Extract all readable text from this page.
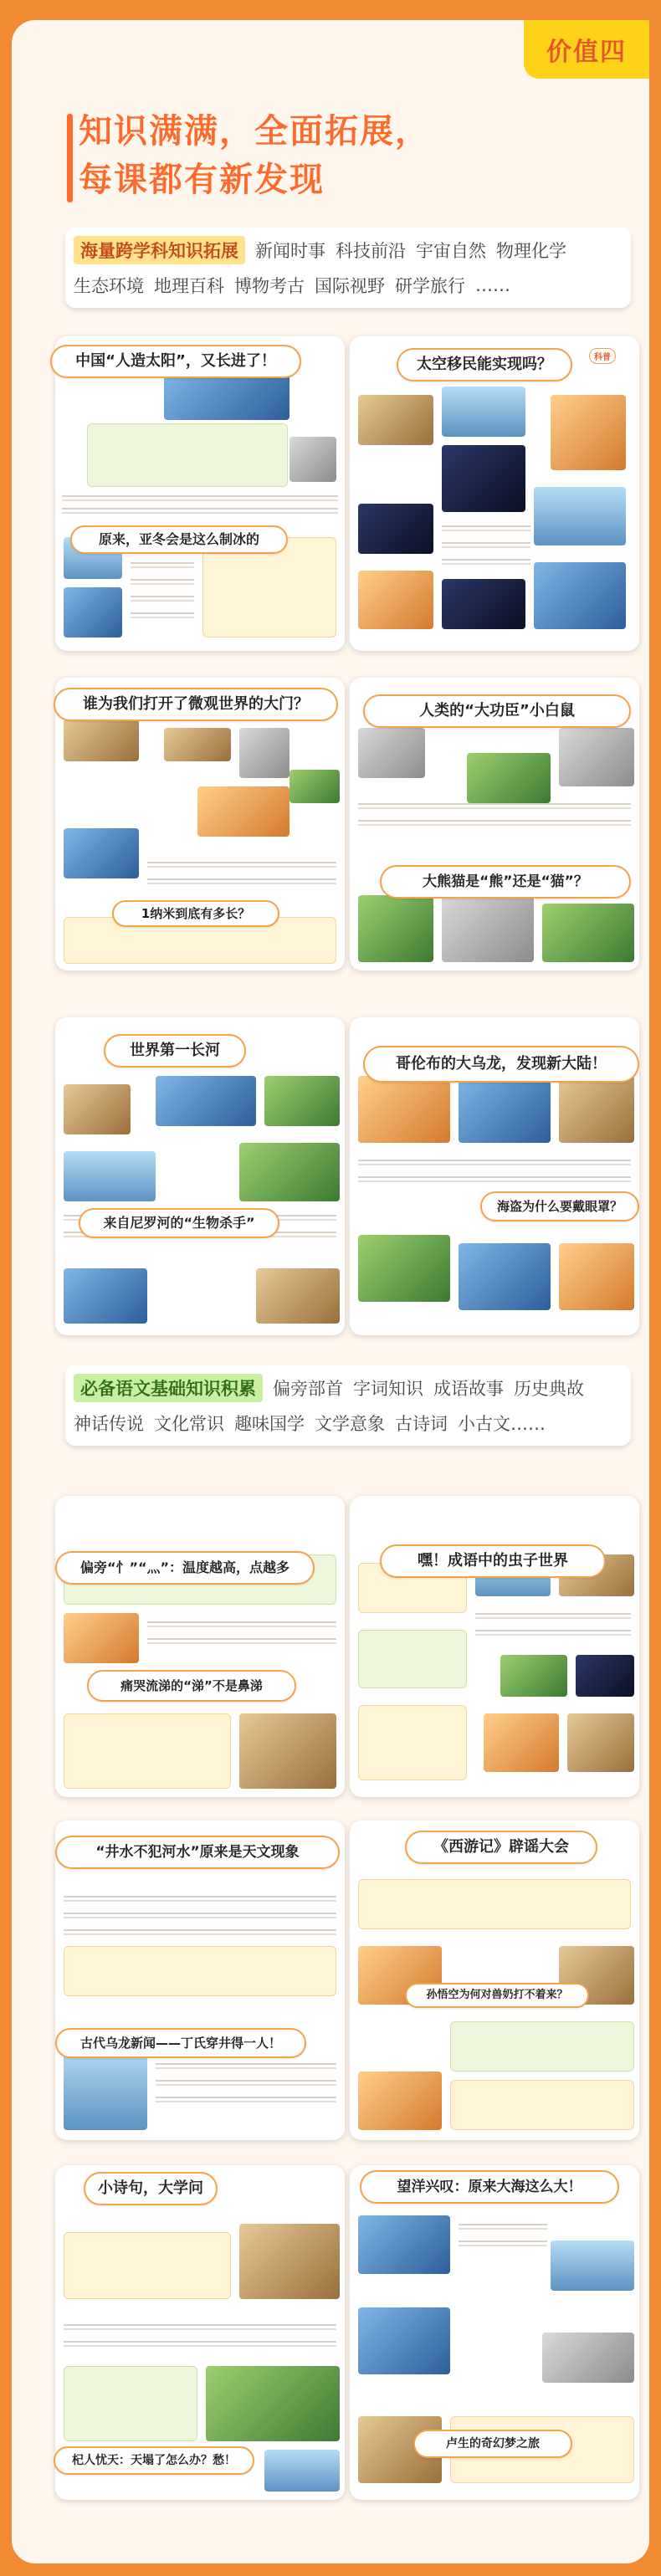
价值四
知识满满，全面拓展，
每课都有新发现
海量跨学科知识拓展 新闻时事 科技前沿 宇宙自然 物理化学
生态环境 地理百科 博物考古 国际视野 研学旅行 ……
中国“人造太阳”，又长进了！
原来，亚冬会是这么制冰的
太空移民能实现吗？	科普
谁为我们打开了微观世界的大门？
1纳米到底有多长？
人类的“大功臣”小白鼠
大熊猫是“熊”还是“猫”？
世界第一长河
来自尼罗河的“生物杀手”
哥伦布的大乌龙，发现新大陆！
海盗为什么要戴眼罩？
必备语文基础知识积累 偏旁部首 字词知识 成语故事 历史典故
神话传说 文化常识 趣味国学 文学意象 古诗词 小古文……
偏旁“忄”“灬”：温度越高，点越多
痛哭流涕的“涕”不是鼻涕
嘿！成语中的虫子世界
“井水不犯河水”原来是天文现象
古代乌龙新闻——丁氏穿井得一人！
《西游记》辟谣大会
孙悟空为何对兽奶打不着来？
小诗句，大学问
杞人忧天：天塌了怎么办？愁！
望洋兴叹：原来大海这么大！
卢生的奇幻梦之旅
